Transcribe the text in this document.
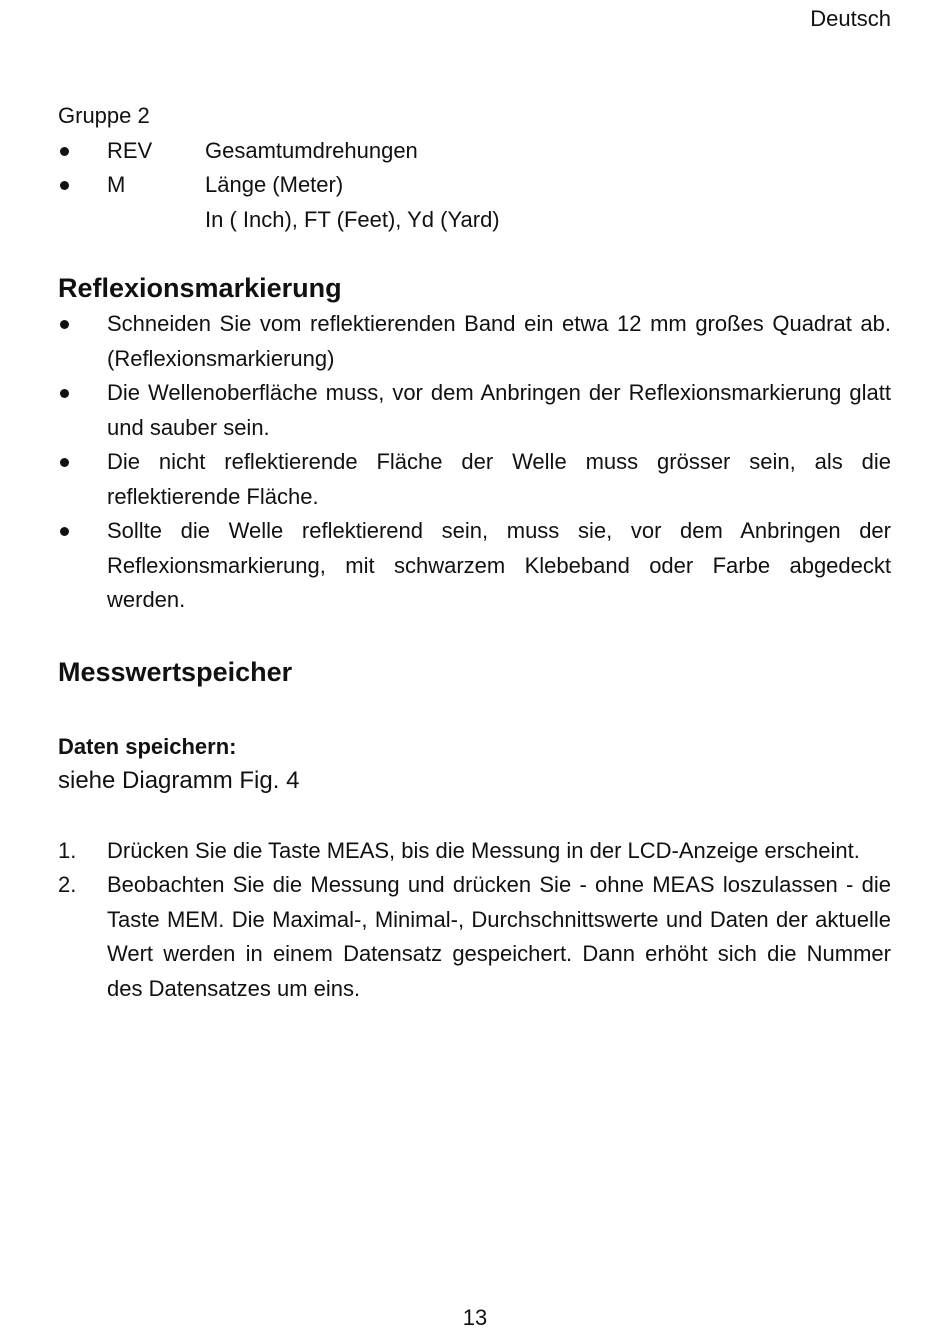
Deutsch

Gruppe 2

REV	Gesamtumdrehungen
M	Länge (Meter)
In ( Inch), FT (Feet), Yd (Yard)
Reflexionsmarkierung
Schneiden Sie vom reflektierenden Band ein etwa 12 mm großes Quadrat ab. (Reflexionsmarkierung)
Die Wellenoberfläche muss, vor dem Anbringen der Reflexionsmarkierung glatt und sauber sein.
Die nicht reflektierende Fläche der Welle muss grösser sein, als die reflektierende Fläche.
Sollte die Welle reflektierend sein, muss sie, vor dem Anbringen der Reflexionsmarkierung, mit schwarzem Klebeband oder Farbe abgedeckt werden.
Messwertspeicher
Daten speichern:

siehe Diagramm Fig. 4

1.	Drücken Sie die Taste MEAS, bis die Messung in der LCD-Anzeige erscheint.
2.	Beobachten Sie die Messung und drücken Sie - ohne MEAS loszulassen - die Taste MEM. Die Maximal-, Minimal-, Durchschnittswerte und Daten der aktuelle Wert werden in einem Datensatz gespeichert. Dann erhöht sich die Nummer des Datensatzes um eins.
13
